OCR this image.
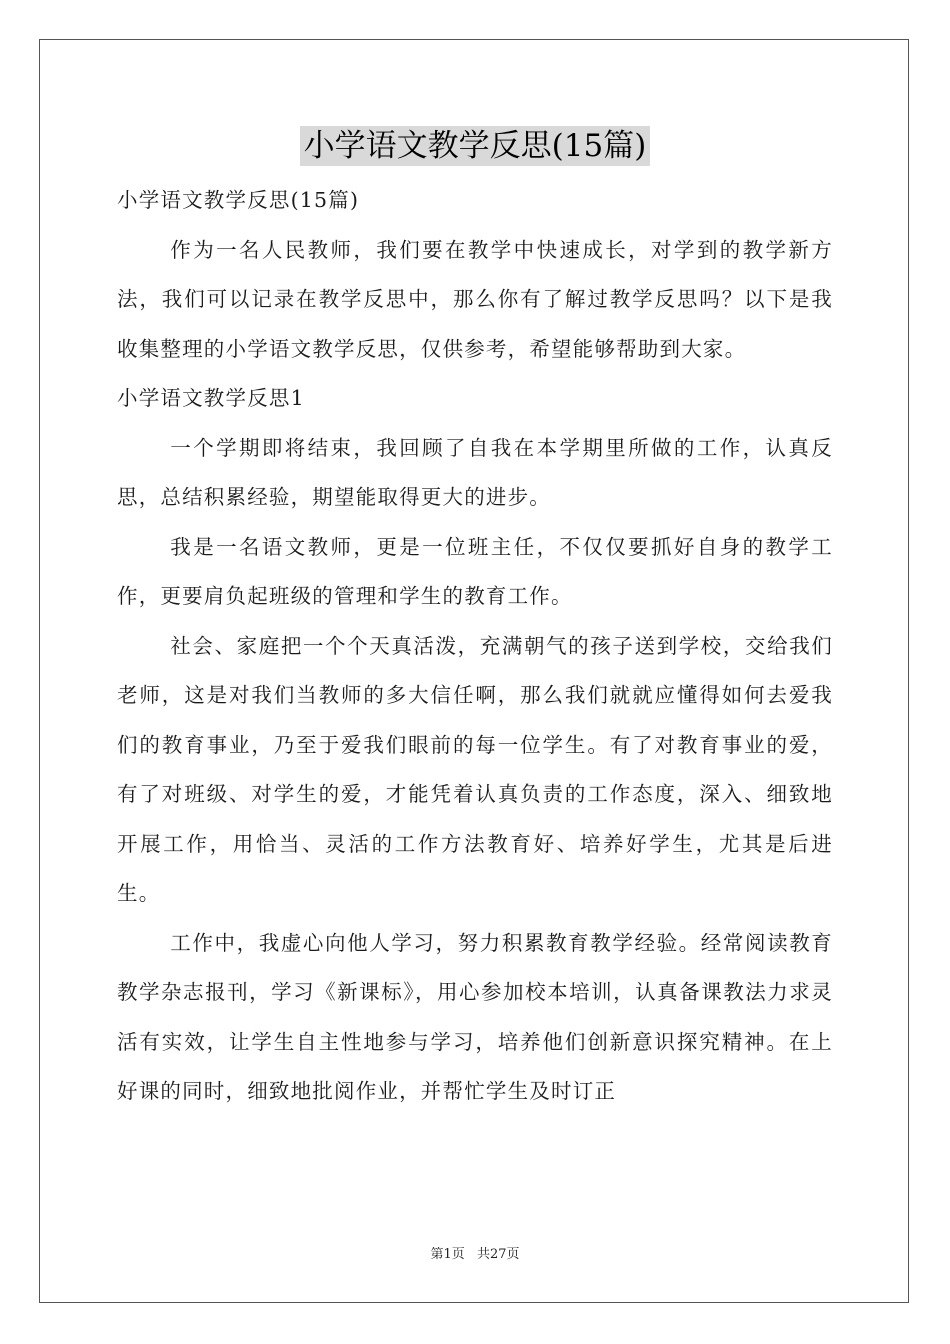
小学语文教学反思(15篇)

小学语文教学反思(15篇)

作为一名人民教师，我们要在教学中快速成长，对学到的教学新方法，我们可以记录在教学反思中，那么你有了解过教学反思吗？以下是我收集整理的小学语文教学反思，仅供参考，希望能够帮助到大家。

小学语文教学反思1

一个学期即将结束，我回顾了自我在本学期里所做的工作，认真反思，总结积累经验，期望能取得更大的进步。

我是一名语文教师，更是一位班主任，不仅仅要抓好自身的教学工作，更要肩负起班级的管理和学生的教育工作。

社会、家庭把一个个天真活泼，充满朝气的孩子送到学校，交给我们老师，这是对我们当教师的多大信任啊，那么我们就就应懂得如何去爱我们的教育事业，乃至于爱我们眼前的每一位学生。有了对教育事业的爱，有了对班级、对学生的爱，才能凭着认真负责的工作态度，深入、细致地开展工作，用恰当、灵活的工作方法教育好、培养好学生，尤其是后进生。

工作中，我虚心向他人学习，努力积累教育教学经验。经常阅读教育教学杂志报刊，学习《新课标》，用心参加校本培训，认真备课教法力求灵活有实效，让学生自主性地参与学习，培养他们创新意识探究精神。在上好课的同时，细致地批阅作业，并帮忙学生及时订正

第1页 共27页
